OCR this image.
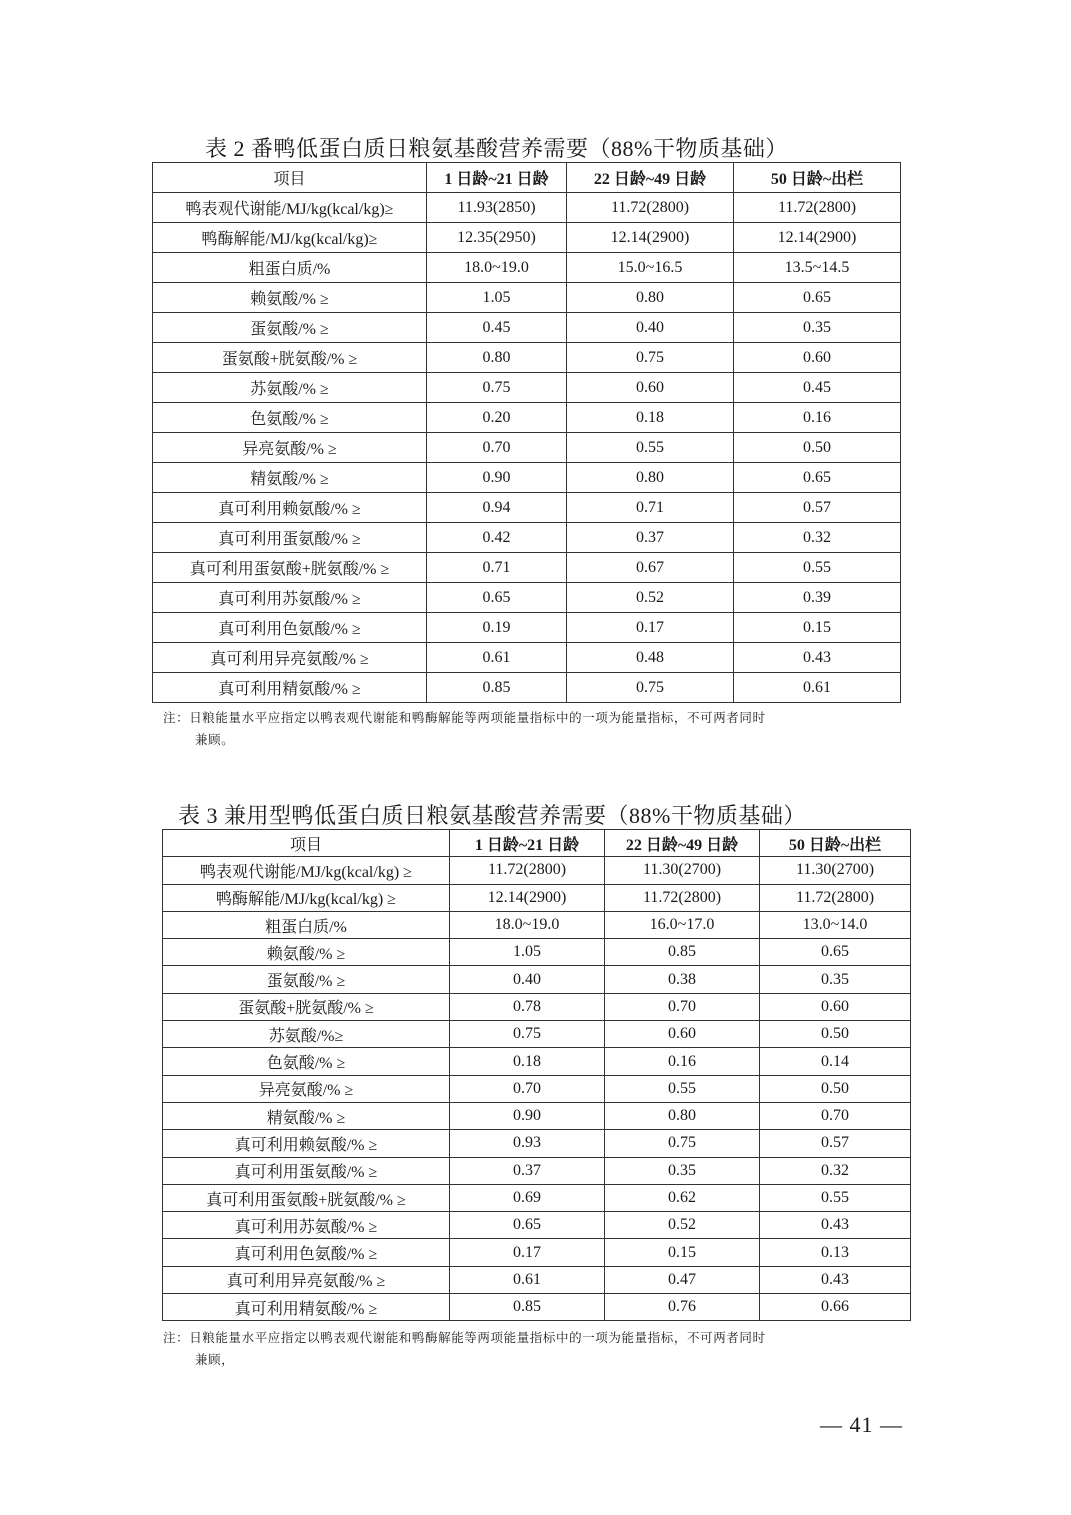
表 2 番鸭低蛋白质日粮氨基酸营养需要（88%干物质基础）
项目	1 日龄~21 日龄	22 日龄~49 日龄	50 日龄~出栏
鸭表观代谢能/MJ/kg(kcal/kg)≥	11.93(2850)	11.72(2800)	11.72(2800)
鸭酶解能/MJ/kg(kcal/kg)≥	12.35(2950)	12.14(2900)	12.14(2900)
粗蛋白质/%	18.0~19.0	15.0~16.5	13.5~14.5
赖氨酸/% ≥	1.05	0.80	0.65
蛋氨酸/% ≥	0.45	0.40	0.35
蛋氨酸+胱氨酸/% ≥	0.80	0.75	0.60
苏氨酸/% ≥	0.75	0.60	0.45
色氨酸/% ≥	0.20	0.18	0.16
异亮氨酸/% ≥	0.70	0.55	0.50
精氨酸/% ≥	0.90	0.80	0.65
真可利用赖氨酸/% ≥	0.94	0.71	0.57
真可利用蛋氨酸/% ≥	0.42	0.37	0.32
真可利用蛋氨酸+胱氨酸/% ≥	0.71	0.67	0.55
真可利用苏氨酸/% ≥	0.65	0.52	0.39
真可利用色氨酸/% ≥	0.19	0.17	0.15
真可利用异亮氨酸/% ≥	0.61	0.48	0.43
真可利用精氨酸/% ≥	0.85	0.75	0.61
注：日粮能量水平应指定以鸭表观代谢能和鸭酶解能等两项能量指标中的一项为能量指标，不可两者同时
兼顾。
表 3 兼用型鸭低蛋白质日粮氨基酸营养需要（88%干物质基础）
项目	1 日龄~21 日龄	22 日龄~49 日龄	50 日龄~出栏
鸭表观代谢能/MJ/kg(kcal/kg) ≥	11.72(2800)	11.30(2700)	11.30(2700)
鸭酶解能/MJ/kg(kcal/kg) ≥	12.14(2900)	11.72(2800)	11.72(2800)
粗蛋白质/%	18.0~19.0	16.0~17.0	13.0~14.0
赖氨酸/% ≥	1.05	0.85	0.65
蛋氨酸/% ≥	0.40	0.38	0.35
蛋氨酸+胱氨酸/% ≥	0.78	0.70	0.60
苏氨酸/%≥	0.75	0.60	0.50
色氨酸/% ≥	0.18	0.16	0.14
异亮氨酸/% ≥	0.70	0.55	0.50
精氨酸/% ≥	0.90	0.80	0.70
真可利用赖氨酸/% ≥	0.93	0.75	0.57
真可利用蛋氨酸/% ≥	0.37	0.35	0.32
真可利用蛋氨酸+胱氨酸/% ≥	0.69	0.62	0.55
真可利用苏氨酸/% ≥	0.65	0.52	0.43
真可利用色氨酸/% ≥	0.17	0.15	0.13
真可利用异亮氨酸/% ≥	0.61	0.47	0.43
真可利用精氨酸/% ≥	0.85	0.76	0.66
注：日粮能量水平应指定以鸭表观代谢能和鸭酶解能等两项能量指标中的一项为能量指标，不可两者同时
兼顾，
— 41 —
